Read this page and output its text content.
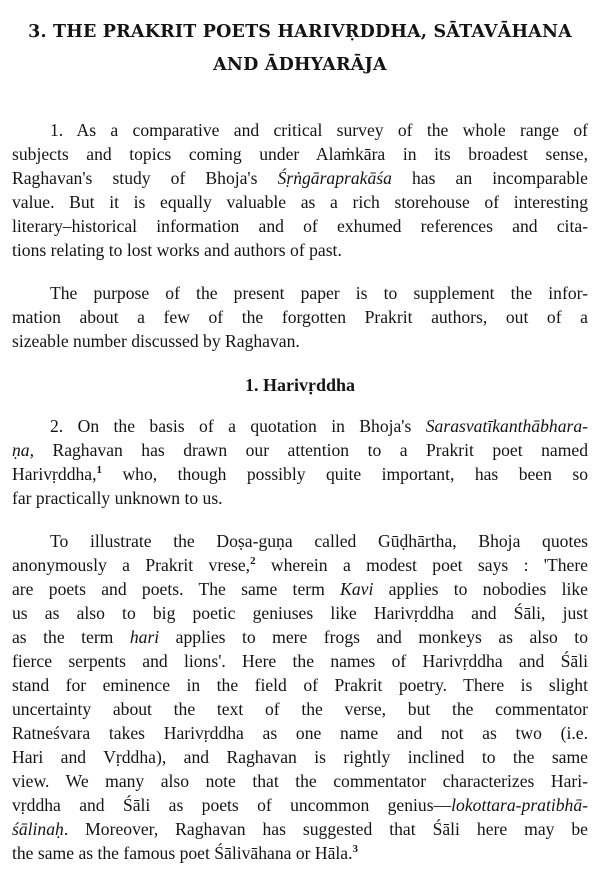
3. THE PRAKRIT POETS HARIVṚDDHA, SĀTAVĀHANA
AND ĀDHYARĀJA
1. As a comparative and critical survey of the whole range of
subjects and topics coming under Alaṁkāra in its broadest sense,
Raghavan's study of Bhoja's Śṛṅgāraprakāśa has an incomparable
value. But it is equally valuable as a rich storehouse of interesting
literary–historical information and of exhumed references and cita-
tions relating to lost works and authors of past.
The purpose of the present paper is to supplement the infor-
mation about a few of the forgotten Prakrit authors, out of a
sizeable number discussed by Raghavan.
1. Harivṛddha
2. On the basis of a quotation in Bhoja's Sarasvatīkanthābhara-
ṇa, Raghavan has drawn our attention to a Prakrit poet named
Harivṛddha,$^1$ who, though possibly quite important, has been so
far practically unknown to us.
To illustrate the Doṣa-guṇa called Gūḍhārtha, Bhoja quotes
anonymously a Prakrit vrese,$^2$ wherein a modest poet says : 'There
are poets and poets. The same term Kavi applies to nobodies like
us as also to big poetic geniuses like Harivṛddha and Śāli, just
as the term hari applies to mere frogs and monkeys as also to
fierce serpents and lions'. Here the names of Harivṛddha and Śāli
stand for eminence in the field of Prakrit poetry. There is slight
uncertainty about the text of the verse, but the commentator
Ratneśvara takes Harivṛddha as one name and not as two (i.e.
Hari and Vṛddha), and Raghavan is rightly inclined to the same
view. We many also note that the commentator characterizes Hari-
vṛddha and Śāli as poets of uncommon genius—lokottara-pratibhā-
śālinaḥ. Moreover, Raghavan has suggested that Śāli here may be
the same as the famous poet Śālivāhana or Hāla.$^3$
